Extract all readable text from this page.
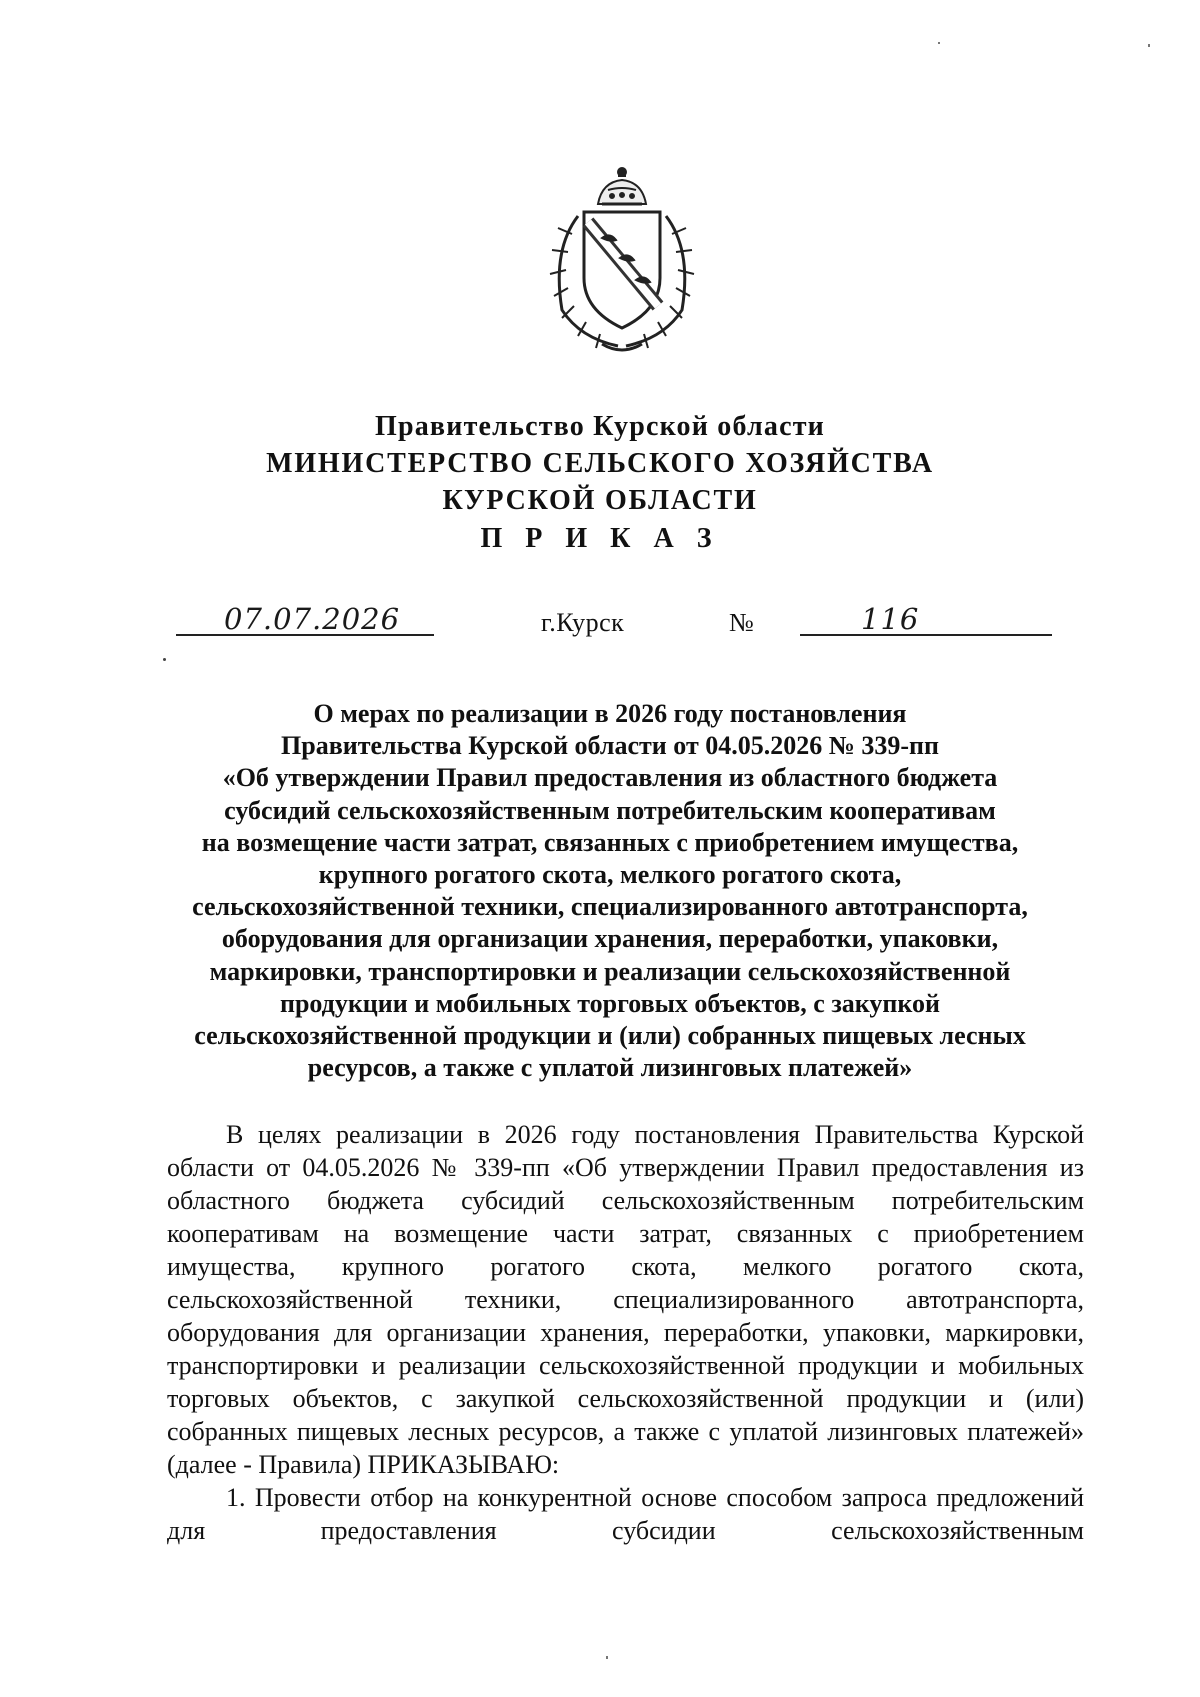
Правительство Курской области
МИНИСТЕРСТВО СЕЛЬСКОГО ХОЗЯЙСТВА
КУРСКОЙ ОБЛАСТИ
П Р И К А З
07.07.2026	г.Курск	№	116
О мерах по реализации в 2026 году постановления
Правительства Курской области от 04.05.2026 № 339-пп
«Об утверждении Правил предоставления из областного бюджета
субсидий сельскохозяйственным потребительским кооперативам
на возмещение части затрат, связанных с приобретением имущества,
крупного рогатого скота, мелкого рогатого скота,
сельскохозяйственной техники, специализированного автотранспорта,
оборудования для организации хранения, переработки, упаковки,
маркировки, транспортировки и реализации сельскохозяйственной
продукции и мобильных торговых объектов, с закупкой
сельскохозяйственной продукции и (или) собранных пищевых лесных
ресурсов, а также с уплатой лизинговых платежей»

В целях реализации в 2026 году постановления Правительства Курской области от 04.05.2026 № 339-пп «Об утверждении Правил предоставления из областного бюджета субсидий сельскохозяйственным потребительским кооперативам на возмещение части затрат, связанных с приобретением имущества, крупного рогатого скота, мелкого рогатого скота, сельскохозяйственной техники, специализированного автотранспорта, оборудования для организации хранения, переработки, упаковки, маркировки, транспортировки и реализации сельскохозяйственной продукции и мобильных торговых объектов, с закупкой сельскохозяйственной продукции и (или) собранных пищевых лесных ресурсов, а также с уплатой лизинговых платежей» (далее - Правила) ПРИКАЗЫВАЮ:

1. Провести отбор на конкурентной основе способом запроса предложений для предоставления субсидии сельскохозяйственным
